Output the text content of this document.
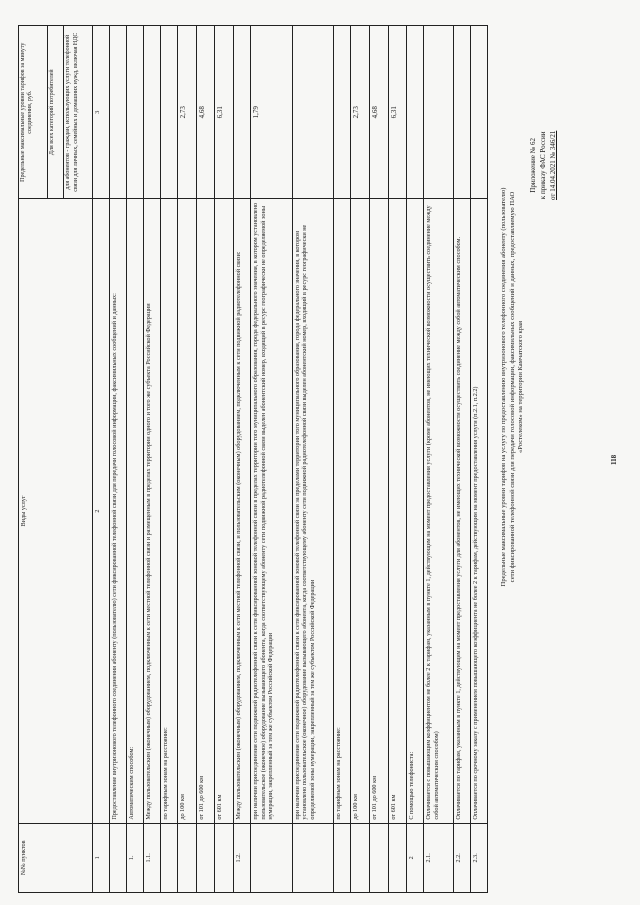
118
Приложение № 62 к приказу ФАС России от 14.04.2021 № 346/21
Предельные максимальные уровни тарифов на услугу по предоставлению внутризонового телефонного соединения абоненту (пользователю) сети фиксированной телефонной связи для передачи голосовой информации, факсимильных сообщений и данных, предоставляемую ПАО «Ростелеком» на территории Камчатского края
№№ пунктов	Виды услуг	Предельные максимальные уровни тарифов за минуту соединения, руб.
		Для всех категорий потребителей
		для абонентов - граждан, использующих услуги телефонной связи для личных, семейных и домашних нужд, включая НДС
1	2	3
	Предоставление внутризонового телефонного соединения абоненту (пользователю) сети фиксированной телефонной связи для передачи голосовой информации, факсимильных сообщений и данных:	
1.	Автоматическим способом:	
1.1.	Между пользовательским (оконечным) оборудованием, подключенным к сети местной телефонной связи и размещенным в пределах территории одного и того же субъекта Российской Федерации	
	по тарифным зонам на расстояние:	
	до 100 км	2,73
	от 101 до 600 км	4,68
	от 601 км	6,31
1.2.	Между пользовательским (оконечным) оборудованием, подключенным к сети местной телефонной связи, и пользовательским (оконечным) оборудованием, подключенным к сети подвижной радиотелефонной связи:	
	при наличии присоединения сети подвижной радиотелефонной связи к сети фиксированной зоновой телефонной связи в пределах территории того муниципального образования, города федерального значения, в котором установлено пользовательское (оконечное) оборудование вызывающего абонента, когда соответствующему абоненту сети подвижной радиотелефонной связи выделен абонентский номер, входящий в ресурс географически не определяемой зоны нумерации, закрепленный за тем же субъектом Российской Федерации	1,79
	при наличии присоединения сети подвижной радиотелефонной связи к сети фиксированной зоновой телефонной связи за пределами территории того муниципального образования, города федерального значения, в котором установлено пользовательское (оконечное) оборудование вызывающего абонента, когда соответствующему абоненту сети подвижной радиотелефонной связи выделен абонентский номер, входящий в ресурс географически не определяемой зоны нумерации, закрепленный за тем же субъектом Российской Федерации	
	по тарифным зонам на расстояние:	
	до 100 км	2,73
	от 101 до 600 км	4,68
	от 601 км	6,31
2	С помощью телефониста:	
2.1.	Оплачивается с повышающим коэффициентом не более 2 к тарифам, указанным в пункте 1, действующим на момент предоставления услуги (кроме абонентов, не имеющих технической возможности осуществить соединение между собой автоматическим способом)	
2.2.	Оплачивается по тарифам, указанным в пункте 1, действующим на момент предоставления услуги для абонентов, не имеющих технической возможности осуществить соединение между собой автоматическим способом.	
2.3.	Оплачивается по срочному заказу с применением повышающего коэффициента не более 2 к тарифам, действующим на момент предоставления услуги (п.2.1, п.2.2)	
